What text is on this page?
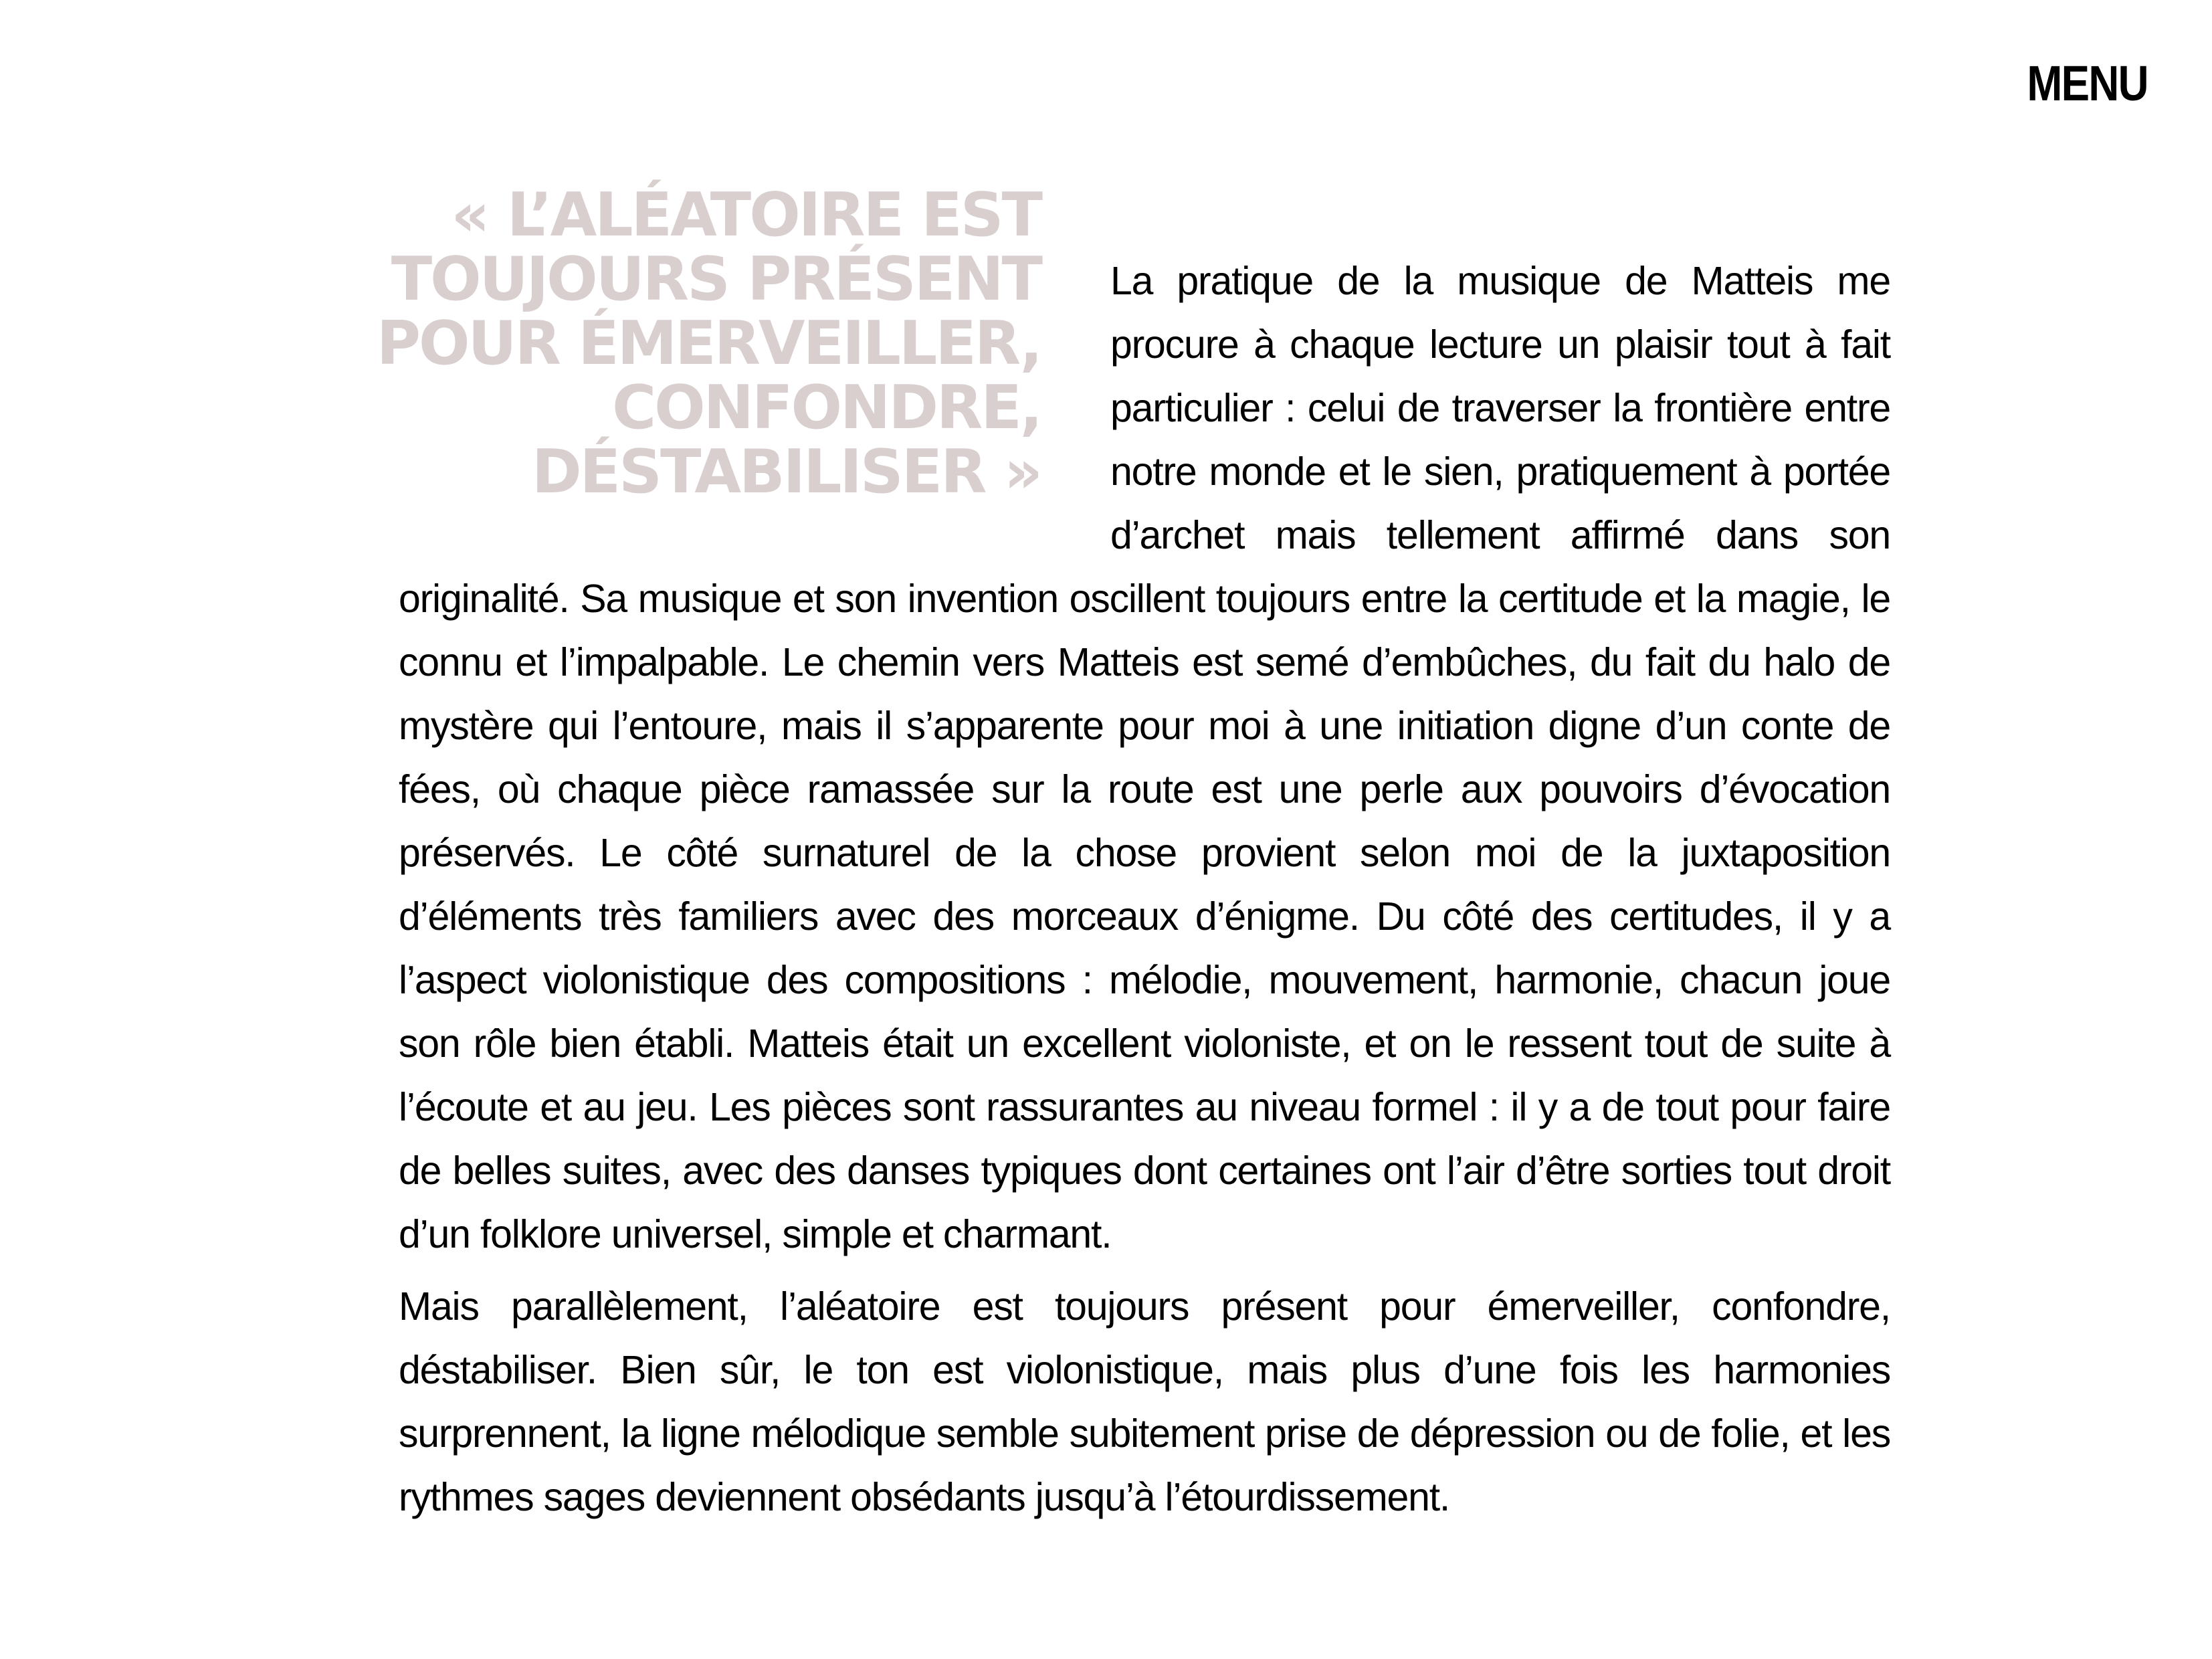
MENU
« L’ALÉATOIRE EST TOUJOURS PRÉSENT POUR ÉMERVEILLER, CONFONDRE, DÉSTABILISER »

La pratique de la musique de Matteis me procure à chaque lecture un plaisir tout à fait particulier : celui de traverser la frontière entre notre monde et le sien, pratiquement à portée d’archet mais tellement affirmé dans son originalité. Sa musique et son invention oscillent toujours entre la certitude et la magie, le connu et l’impalpable. Le chemin vers Matteis est semé d’embûches, du fait du halo de mystère qui l’entoure, mais il s’apparente pour moi à une initiation digne d’un conte de fées, où chaque pièce ramassée sur la route est une perle aux pouvoirs d’évocation préservés. Le côté surnaturel de la chose provient selon moi de la juxtaposition d’éléments très familiers avec des morceaux d’énigme. Du côté des certitudes, il y a l’aspect violonistique des compositions : mélodie, mouvement, harmonie, chacun joue son rôle bien établi. Matteis était un excellent violoniste, et on le ressent tout de suite à l’écoute et au jeu. Les pièces sont rassurantes au niveau formel : il y a de tout pour faire de belles suites, avec des danses typiques dont certaines ont l’air d’être sorties tout droit d’un folklore universel, simple et charmant.

Mais parallèlement, l’aléatoire est toujours présent pour émerveiller, confondre, déstabiliser. Bien sûr, le ton est violonistique, mais plus d’une fois les harmonies surprennent, la ligne mélodique semble subitement prise de dépression ou de folie, et les rythmes sages deviennent obsédants jusqu’à l’étourdissement.
